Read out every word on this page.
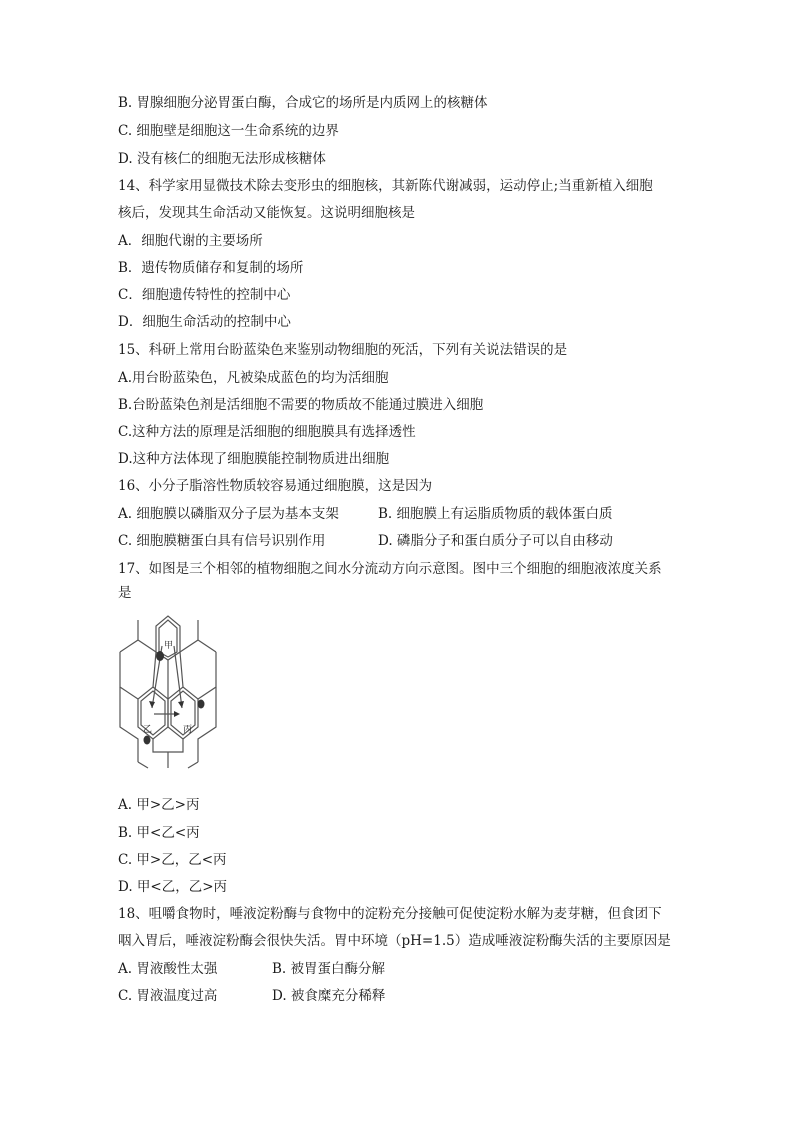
B. 胃腺细胞分泌胃蛋白酶，合成它的场所是内质网上的核糖体
C. 细胞壁是细胞这一生命系统的边界
D. 没有核仁的细胞无法形成核糖体
14、科学家用显微技术除去变形虫的细胞核，其新陈代谢减弱，运动停止;当重新植入细胞
核后，发现其生命活动又能恢复。这说明细胞核是
A．细胞代谢的主要场所
B．遗传物质储存和复制的场所
C．细胞遗传特性的控制中心
D．细胞生命活动的控制中心
15、科研上常用台盼蓝染色来鉴别动物细胞的死活，下列有关说法错误的是
A.用台盼蓝染色，凡被染成蓝色的均为活细胞
B.台盼蓝染色剂是活细胞不需要的物质故不能通过膜进入细胞
C.这种方法的原理是活细胞的细胞膜具有选择透性
D.这种方法体现了细胞膜能控制物质进出细胞
16、小分子脂溶性物质较容易通过细胞膜，这是因为
A. 细胞膜以磷脂双分子层为基本支架	B. 细胞膜上有运脂质物质的载体蛋白质
C. 细胞膜糖蛋白具有信号识别作用	D. 磷脂分子和蛋白质分子可以自由移动
17、如图是三个相邻的植物细胞之间水分流动方向示意图。图中三个细胞的细胞液浓度关系
是
甲
乙	丙
A. 甲>乙>丙
B. 甲<乙<丙
C. 甲>乙，乙<丙
D. 甲<乙，乙>丙
18、咀嚼食物时，唾液淀粉酶与食物中的淀粉充分接触可促使淀粉水解为麦芽糖，但食团下
咽入胃后，唾液淀粉酶会很快失活。胃中环境（pH=1.5）造成唾液淀粉酶失活的主要原因是
A. 胃液酸性太强	B. 被胃蛋白酶分解
C. 胃液温度过高	D. 被食糜充分稀释
